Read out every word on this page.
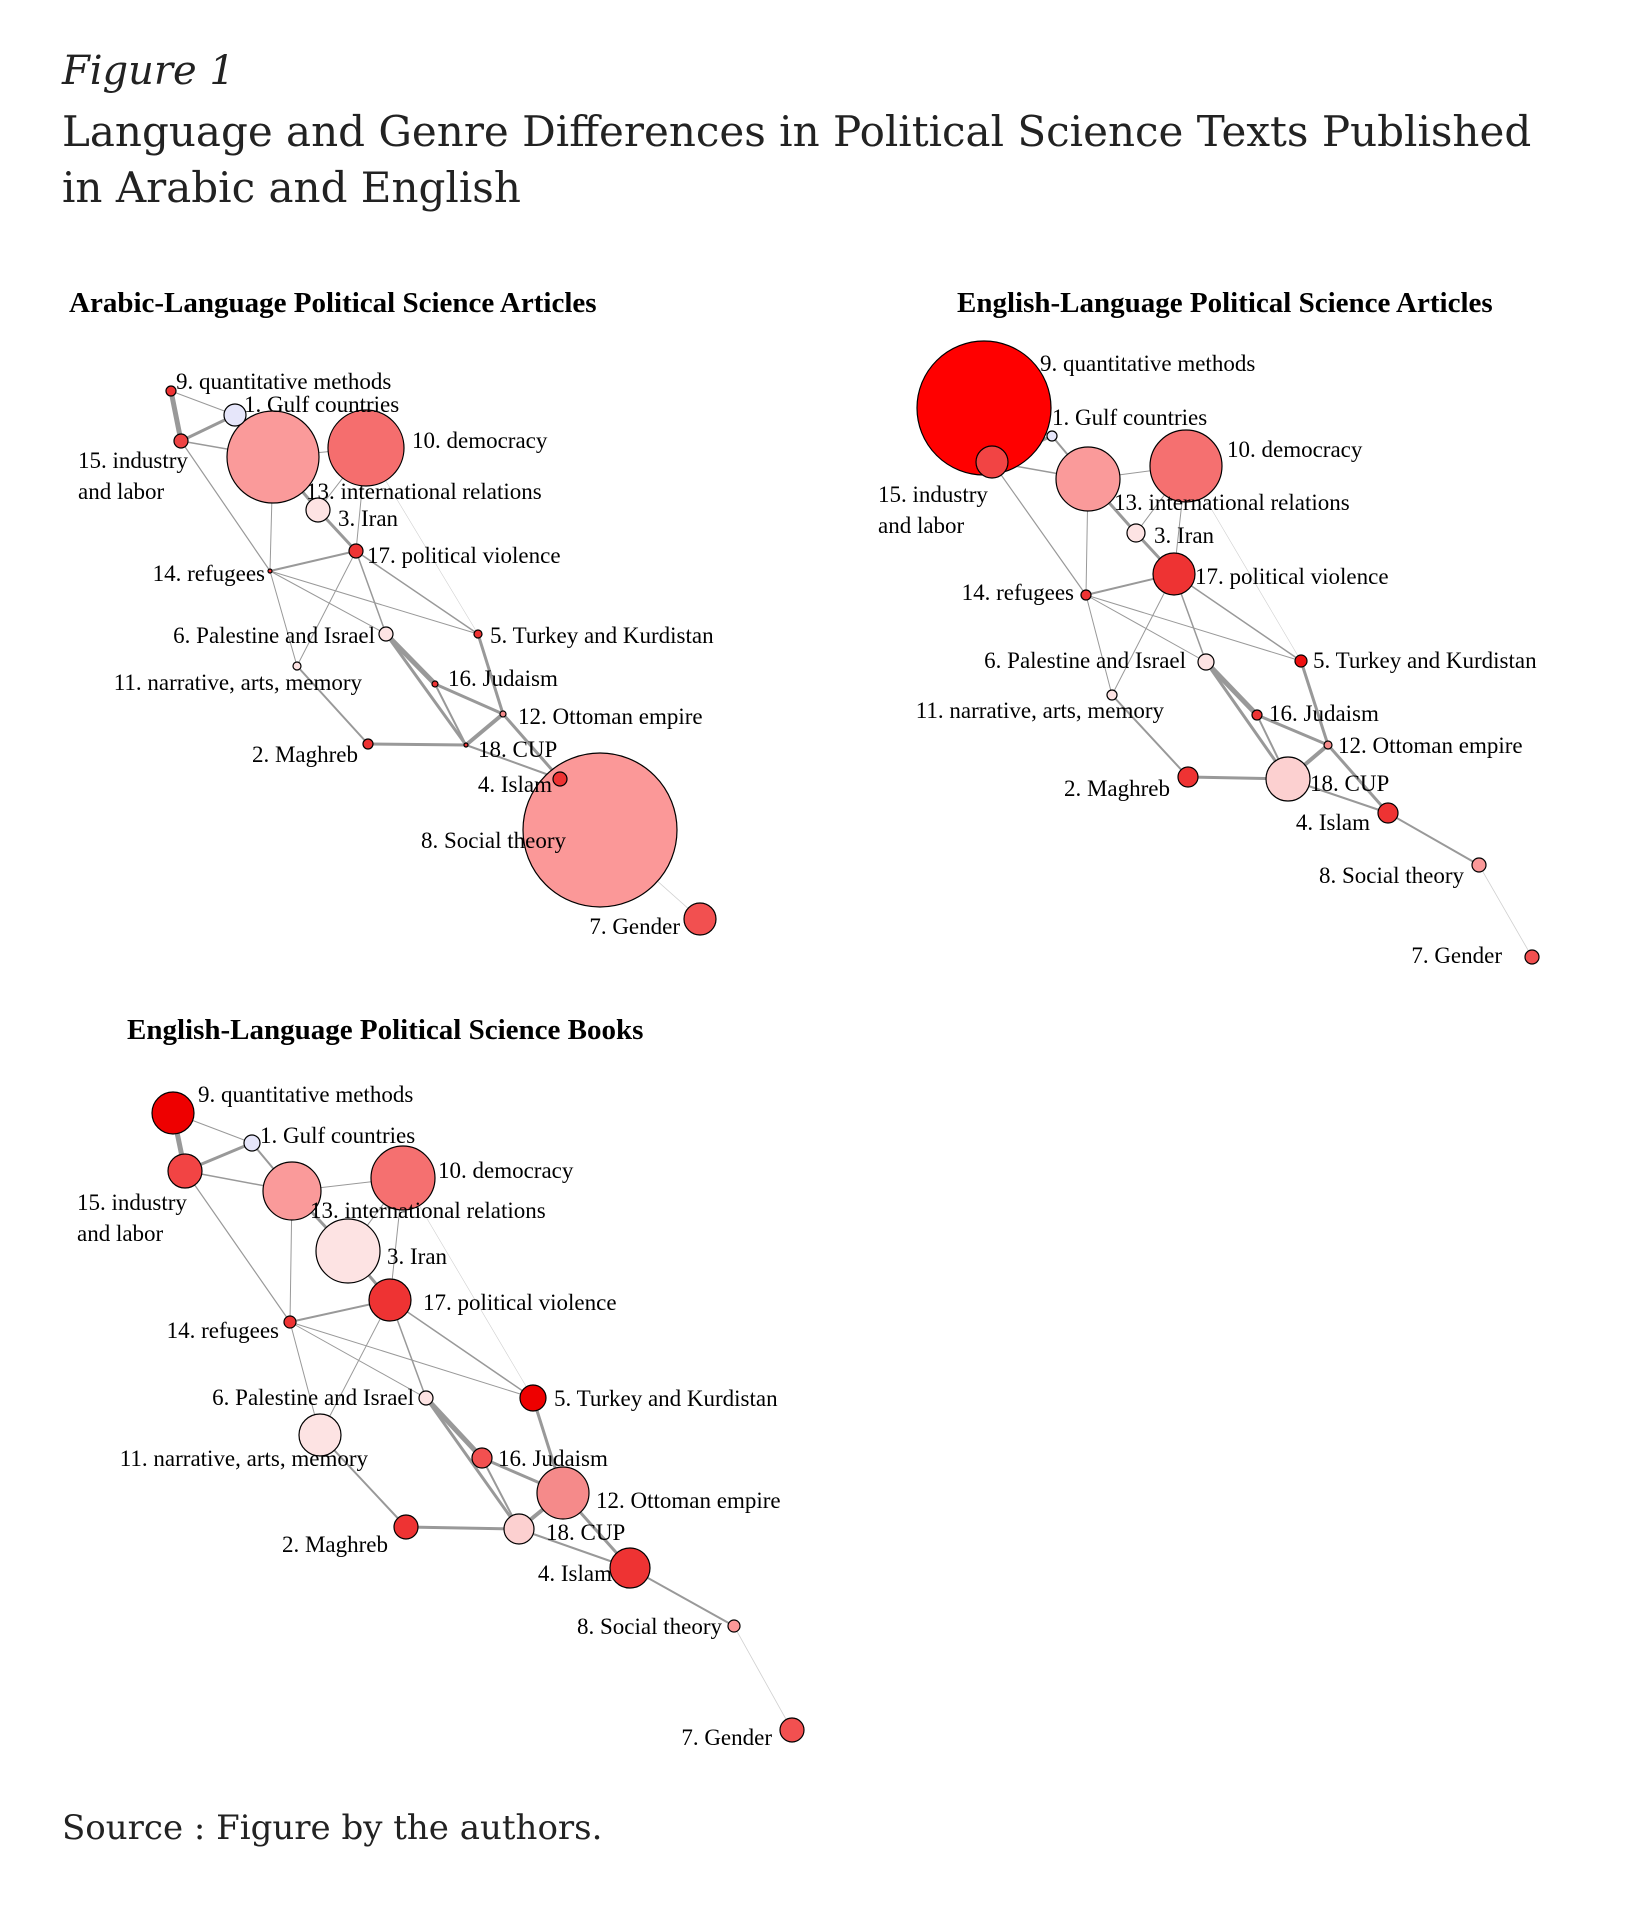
Figure 1
Language and Genre Differences in Political Science Texts Published in Arabic and English
Arabic-Language Political Science Articles
9. quantitative methods
1. Gulf countries
15. industry and labor	13. international relations
10. democracy
3. Iran
17. political violence
14. refugees
6. Palestine and Israel	5. Turkey and Kurdistan
11. narrative, arts, memory	16. Judaism
12. Ottoman empire
2. Maghreb	18. CUP
4. Islam
8. Social theory
7. Gender
English-Language Political Science Articles
9. quantitative methods
1. Gulf countries
15. industry and labor
13. international relations
10. democracy
3. Iran
17. political violence
14. refugees
6. Palestine and Israel	5. Turkey and Kurdistan
11. narrative, arts, memory	16. Judaism
12. Ottoman empire
2. Maghreb	18. CUP
4. Islam
8. Social theory
7. Gender
English-Language Political Science Books
9. quantitative methods
1. Gulf countries
15. industry and labor
13. international relations
10. democracy
3. Iran
17. political violence
14. refugees
6. Palestine and Israel	5. Turkey and Kurdistan
11. narrative, arts, memory	16. Judaism
12. Ottoman empire
2. Maghreb	18. CUP
4. Islam
8. Social theory
7. Gender
Source : Figure by the authors.
